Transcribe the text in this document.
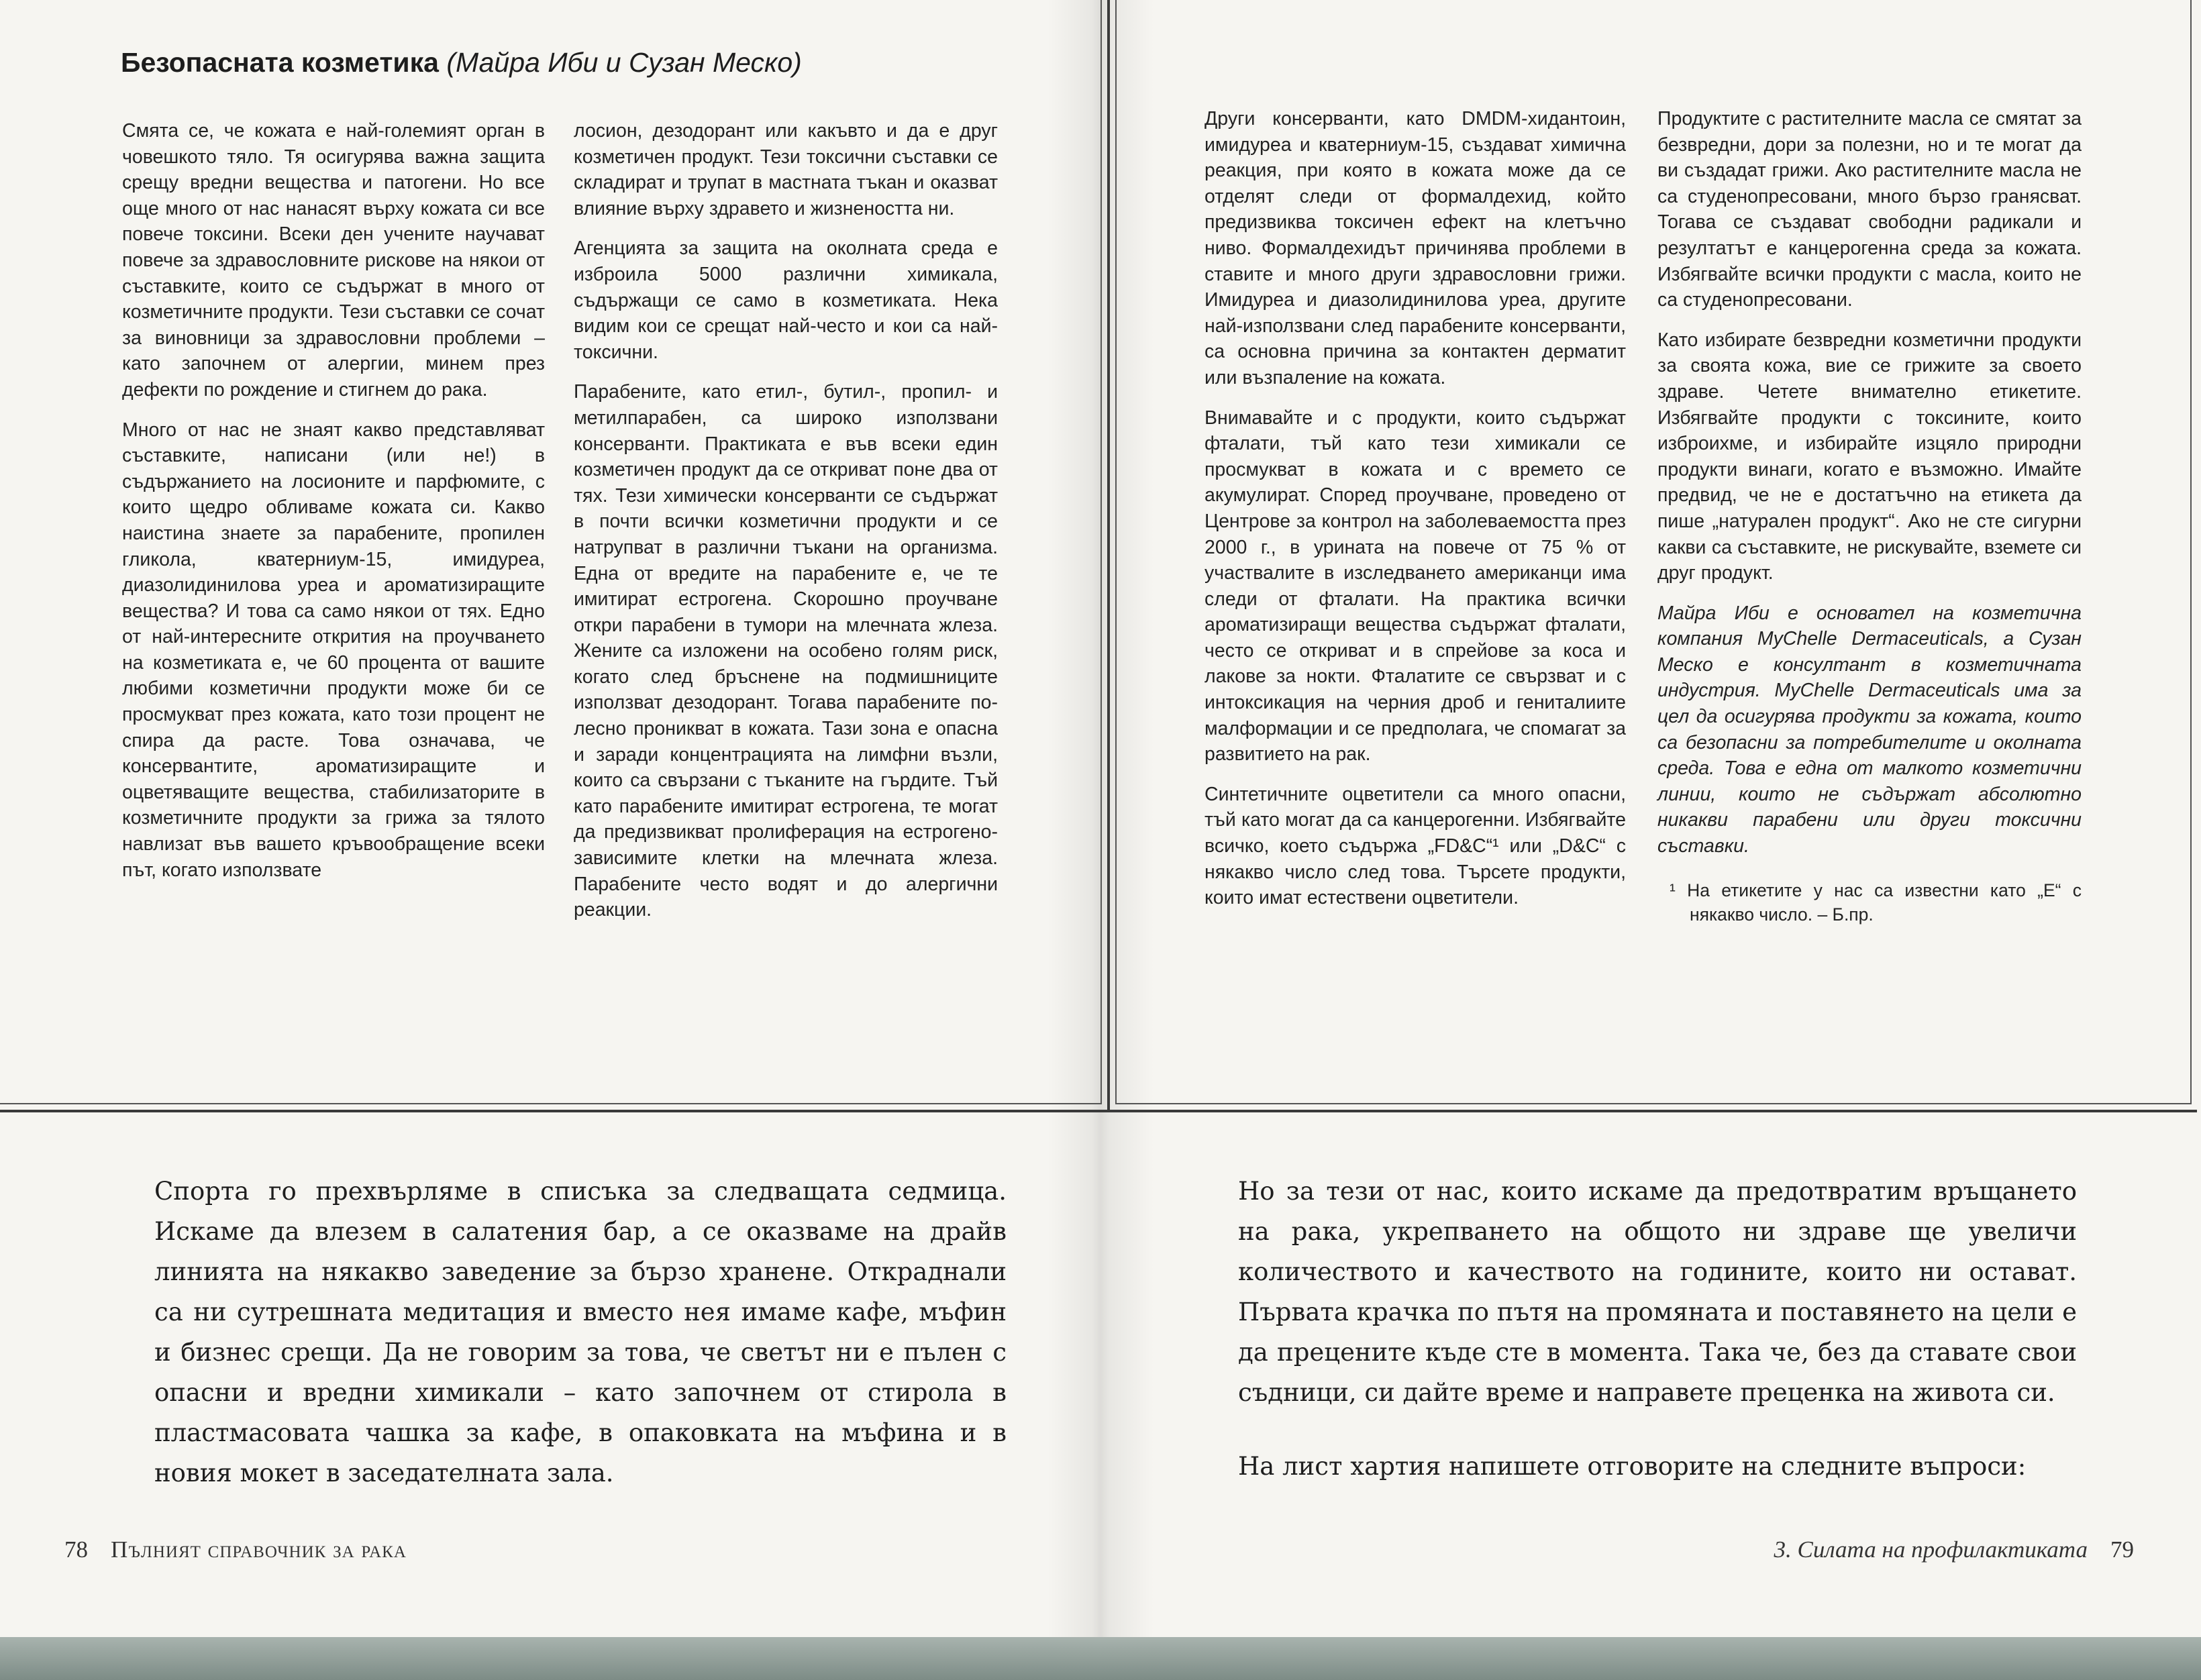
Безопасната козметика (Майра Иби и Сузан Меско)

Смята се, че кожата е най-големият орган в човешкото тяло. Тя осигурява важна защита срещу вредни вещества и патогени. Но все още много от нас нанасят върху кожата си все повече токсини. Всеки ден учените научават повече за здравословните рискове на някои от съставките, които се съдържат в много от козметичните продукти. Тези съставки се сочат за виновници за здравословни проблеми – като започнем от алергии, минем през дефекти по рождение и стигнем до рака.

Много от нас не знаят какво представляват съставките, написани (или не!) в съдържанието на лосионите и парфюмите, с които щедро обливаме кожата си. Какво наистина знаете за парабените, пропилен гликола, кватерниум-15, имидуреа, диазолидинилова уреа и ароматизиращите вещества? И това са само някои от тях. Едно от най-интересните открития на проучването на козметиката е, че 60 процента от вашите любими козметични продукти може би се просмукват през кожата, като този процент не спира да расте. Това означава, че консервантите, ароматизиращите и оцветяващите вещества, стабилизаторите в козметичните продукти за грижа за тялото навлизат във вашето кръвообращение всеки път, когато използвате

лосион, дезодорант или какъвто и да е друг козметичен продукт. Тези токсични съставки се складират и трупат в мастната тъкан и оказват влияние върху здравето и жизнеността ни.

Агенцията за защита на околната среда е изброила 5000 различни химикала, съдържащи се само в козметиката. Нека видим кои се срещат най-често и кои са най-токсични.

Парабените, като етил-, бутил-, пропил- и метилпарабен, са широко използвани консерванти. Практиката е във всеки един козметичен продукт да се откриват поне два от тях. Тези химически консерванти се съдържат в почти всички козметични продукти и се натрупват в различни тъкани на организма. Една от вредите на парабените е, че те имитират естрогена. Скорошно проучване откри парабени в тумори на млечната жлеза. Жените са изложени на особено голям риск, когато след бръснене на подмишниците използват дезодорант. Тогава парабените по-лесно проникват в кожата. Тази зона е опасна и заради концентрацията на лимфни възли, които са свързани с тъканите на гърдите. Тъй като парабените имитират естрогена, те могат да предизвикват пролиферация на естрогено-зависимите клетки на млечната жлеза. Парабените често водят и до алергични реакции.

Други консерванти, като DMDM-хидантоин, имидуреа и кватерниум-15, създават химична реакция, при която в кожата може да се отделят следи от формалдехид, който предизвиква токсичен ефект на клетъчно ниво. Формалдехидът причинява проблеми в ставите и много други здравословни грижи. Имидуреа и диазолидинилова уреа, другите най-използвани след парабените консерванти, са основна причина за контактен дерматит или възпаление на кожата.

Внимавайте и с продукти, които съдържат фталати, тъй като тези химикали се просмукват в кожата и с времето се акумулират. Според проучване, проведено от Центрове за контрол на заболеваемостта през 2000 г., в урината на повече от 75 % от участвалите в изследването американци има следи от фталати. На практика всички ароматизиращи вещества съдържат фталати, често се откриват и в спрейове за коса и лакове за нокти. Фталатите се свързват и с интоксикация на черния дроб и гениталиите малформации и се предполага, че спомагат за развитието на рак.

Синтетичните оцветители са много опасни, тъй като могат да са канцерогенни. Избягвайте всичко, което съдържа „FD&C“¹ или „D&C“ с някакво число след това. Търсете продукти, които имат естествени оцветители.

Продуктите с растителните масла се смятат за безвредни, дори за полезни, но и те могат да ви създадат грижи. Ако растителните масла не са студенопресовани, много бързо гранясват. Тогава се създават свободни радикали и резултатът е канцерогенна среда за кожата. Избягвайте всички продукти с масла, които не са студенопресовани.

Като избирате безвредни козметични продукти за своята кожа, вие се грижите за своето здраве. Четете внимателно етикетите. Избягвайте продукти с токсините, които изброихме, и избирайте изцяло природни продукти винаги, когато е възможно. Имайте предвид, че не е достатъчно на етикета да пише „натурален продукт“. Ако не сте сигурни какви са съставките, не рискувайте, вземете си друг продукт.

Майра Иби е основател на козметична компания MyChelle Dermaceuticals, а Сузан Меско е консултант в козметичната индустрия. MyChelle Dermaceuticals има за цел да осигурява продукти за кожата, които са безопасни за потребителите и околната среда. Това е една от малкото козметични линии, които не съдържат абсолютно никакви парабени или други токсични съставки.

¹ На етикетите у нас са известни като „Е“ с някакво число. – Б.пр.

Спорта го прехвърляме в списъка за следващата седмица. Искаме да влезем в салатения бар, а се оказваме на драйв линията на някакво заведение за бързо хранене. Откраднали са ни сутрешната медитация и вместо нея имаме кафе, мъфин и бизнес срещи. Да не говорим за това, че светът ни е пълен с опасни и вредни химикали – като започнем от стирола в пластмасовата чашка за кафе, в опаковката на мъфина и в новия мокет в заседателната зала.

Но за тези от нас, които искаме да предотвратим връщането на рака, укрепването на общото ни здраве ще увеличи количеството и качеството на годините, които ни остават. Първата крачка по пътя на промяната и поставянето на цели е да прецените къде сте в момента. Така че, без да ставате свои съдници, си дайте време и направете преценка на живота си.

На лист хартия напишете отговорите на следните въпроси:

78 Пълният справочник за рака	3. Силата на профилактиката 79
